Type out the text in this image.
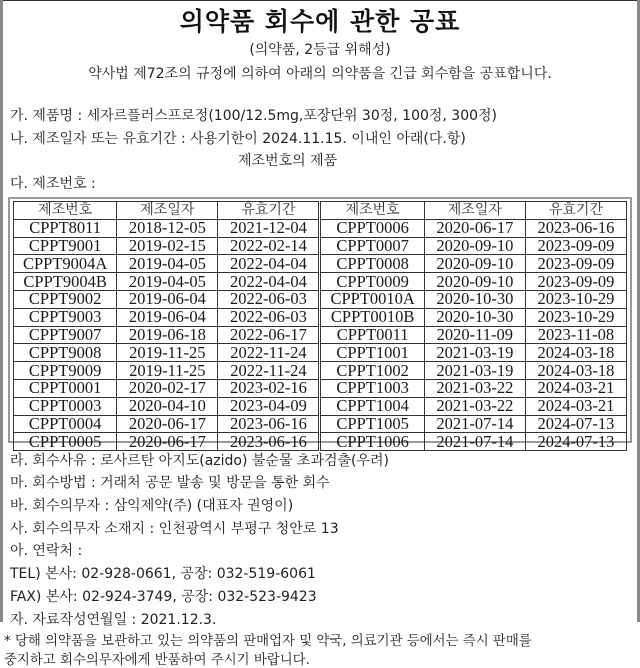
의약품 회수에 관한 공표
(의약품, 2등급 위해성)
약사법 제72조의 규정에 의하여 아래의 의약품을 긴급 회수함을 공표합니다.
가. 제품명 : 세자르플러스프로정(100/12.5mg,포장단위 30정, 100정, 300정)
나. 제조일자 또는 유효기간 : 사용기한이 2024.11.15. 이내인 아래(다.항)
제조번호의 제품
다. 제조번호 :
제조번호	제조일자	유효기간	제조번호	제조일자	유효기간
CPPT8011	2018-12-05	2021-12-04	CPPT0006	2020-06-17	2023-06-16
CPPT9001	2019-02-15	2022-02-14	CPPT0007	2020-09-10	2023-09-09
CPPT9004A	2019-04-05	2022-04-04	CPPT0008	2020-09-10	2023-09-09
CPPT9004B	2019-04-05	2022-04-04	CPPT0009	2020-09-10	2023-09-09
CPPT9002	2019-06-04	2022-06-03	CPPT0010A	2020-10-30	2023-10-29
CPPT9003	2019-06-04	2022-06-03	CPPT0010B	2020-10-30	2023-10-29
CPPT9007	2019-06-18	2022-06-17	CPPT0011	2020-11-09	2023-11-08
CPPT9008	2019-11-25	2022-11-24	CPPT1001	2021-03-19	2024-03-18
CPPT9009	2019-11-25	2022-11-24	CPPT1002	2021-03-19	2024-03-18
CPPT0001	2020-02-17	2023-02-16	CPPT1003	2021-03-22	2024-03-21
CPPT0003	2020-04-10	2023-04-09	CPPT1004	2021-03-22	2024-03-21
CPPT0004	2020-06-17	2023-06-16	CPPT1005	2021-07-14	2024-07-13
CPPT0005	2020-06-17	2023-06-16	CPPT1006	2021-07-14	2024-07-13
라. 회수사유 : 로사르탄 아지도(azido) 불순물 초과검출(우려)
마. 회수방법 : 거래처 공문 발송 및 방문을 통한 회수
바. 회수의무자 : 삼익제약(주) (대표자 권영이)
사. 회수의무자 소재지 : 인천광역시 부평구 청안로 13
아. 연락처 :
TEL) 본사: 02-928-0661, 공장: 032-519-6061
FAX) 본사: 02-924-3749, 공장: 032-523-9423
자. 자료작성연월일 : 2021.12.3.
* 당해 의약품을 보관하고 있는 의약품의 판매업자 및 약국, 의료기관 등에서는 즉시 판매를
중지하고 회수의무자에게 반품하여 주시기 바랍니다.
